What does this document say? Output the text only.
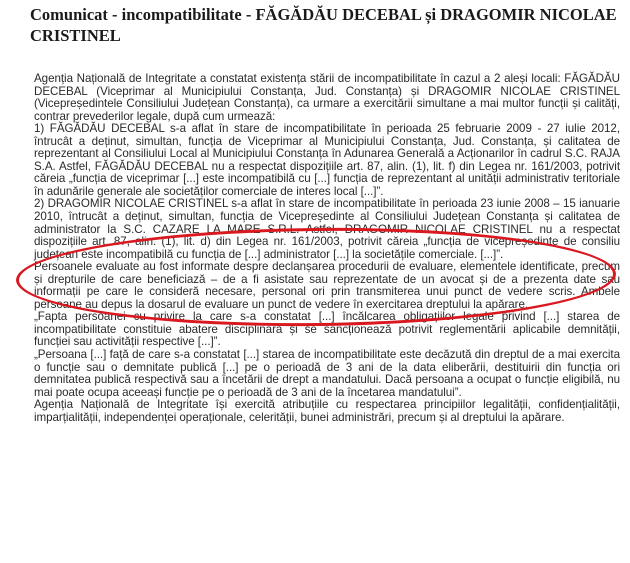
Comunicat - incompatibilitate - FĂGĂDĂU DECEBAL și DRAGOMIR NICOLAE CRISTINEL

Agenția Națională de Integritate a constatat existența stării de incompatibilitate în cazul a 2 aleși locali: FĂGĂDĂU DECEBAL (Viceprimar al Municipiului Constanța, Jud. Constanța) și DRAGOMIR NICOLAE CRISTINEL (Vicepreședintele Consiliului Județean Constanța), ca urmare a exercitării simultane a mai multor funcții și calități, contrar prevederilor legale, după cum urmează:

1) FĂGĂDĂU DECEBAL s-a aflat în stare de incompatibilitate în perioada 25 februarie 2009 - 27 iulie 2012, întrucât a deținut, simultan, funcția de Viceprimar al Municipiului Constanța, Jud. Constanța, și calitatea de reprezentant al Consiliului Local al Municipiului Constanța în Adunarea Generală a Acționarilor în cadrul S.C. RAJA S.A. Astfel, FĂGĂDĂU DECEBAL nu a respectat dispozițiile art. 87, alin. (1), lit. f) din Legea nr. 161/2003, potrivit căreia „funcția de viceprimar [...] este incompatibilă cu [...] funcția de reprezentant al unității administrativ teritoriale în adunările generale ale societăților comerciale de interes local [...]”.

2) DRAGOMIR NICOLAE CRISTINEL s-a aflat în stare de incompatibilitate în perioada 23 iunie 2008 – 15 ianuarie 2010, întrucât a deținut, simultan, funcția de Vicepreședinte al Consiliului Județean Constanța și calitatea de administrator la S.C. CAZARE LA MARE S.R.L. Astfel, DRAGOMIR NICOLAE CRISTINEL nu a respectat dispozițiile art. 87, alin. (1), lit. d) din Legea nr. 161/2003, potrivit căreia „funcția de vicepreședinte de consiliu județean este incompatibilă cu funcția de [...] administrator [...] la societățile comerciale. [...]”.

Persoanele evaluate au fost informate despre declanșarea procedurii de evaluare, elementele identificate, precum și drepturile de care beneficiază – de a fi asistate sau reprezentate de un avocat și de a prezenta date sau informații pe care le consideră necesare, personal ori prin transmiterea unui punct de vedere scris. Ambele persoane au depus la dosarul de evaluare un punct de vedere în exercitarea dreptului la apărare.

„Fapta persoanei cu privire la care s-a constatat [...] încălcarea obligațiilor legale privind [...] starea de incompatibilitate constituie abatere disciplinară și se sancționează potrivit reglementării aplicabile demnității, funcției sau activității respective [...]”.

„Persoana [...] față de care s-a constatat [...] starea de incompatibilitate este decăzută din dreptul de a mai exercita o funcție sau o demnitate publică [...] pe o perioadă de 3 ani de la data eliberării, destituirii din funcția ori demnitatea publică respectivă sau a încetării de drept a mandatului. Dacă persoana a ocupat o funcție eligibilă, nu mai poate ocupa aceeași funcție pe o perioadă de 3 ani de la încetarea mandatului”.

Agenția Națională de Integritate își exercită atribuțiile cu respectarea principiilor legalității, confidențialității, imparțialității, independenței operaționale, celerității, bunei administrări, precum și al dreptului la apărare.
